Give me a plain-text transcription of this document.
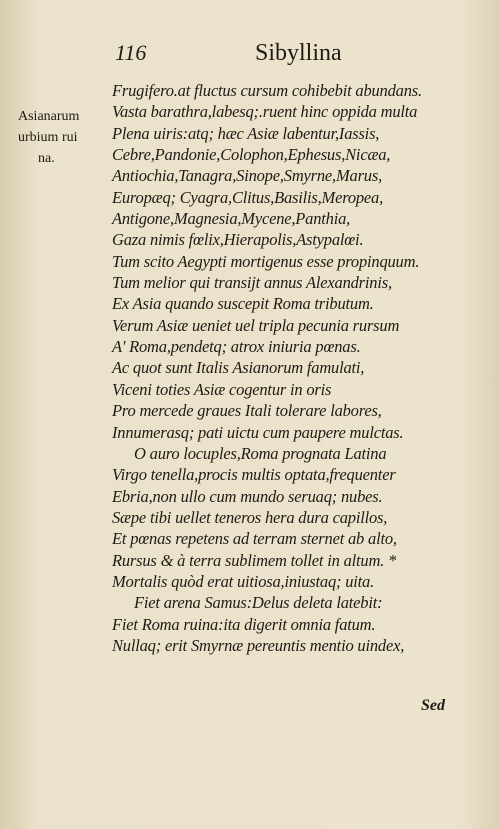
116	Sibyllina
Asianarum
urbium rui
na.
Frugifero.at fluctus cursum cohibebit abundans.
Vasta barathra,labesq;.ruent hinc oppida multa
Plena uiris:atq; hæc Asiæ labentur,Iassis,
Cebre,Pandonie,Colophon,Ephesus,Nicæa,
Antiochia,Tanagra,Sinope,Smyrne,Marus,
Europæq; Cyagra,Clitus,Basilis,Meropea,
Antigone,Magnesia,Mycene,Panthia,
Gaza nimis fœlix,Hierapolis,Astypalœi.
Tum scito Aegypti mortigenus esse propinquum.
Tum melior qui transijt annus Alexandrinis,
Ex Asia quando suscepit Roma tributum.
Verum Asiæ ueniet uel tripla pecunia rursum
A' Roma,pendetq; atrox iniuria pœnas.
Ac quot sunt Italis Asianorum famulati,
Viceni toties Asiæ cogentur in oris
Pro mercede graues Itali tolerare labores,
Innumerasq; pati uictu cum paupere mulctas.
O auro locuples,Roma prognata Latina
Virgo tenella,procis multis optata,frequenter
Ebria,non ullo cum mundo seruaq; nubes.
Sæpe tibi uellet teneros hera dura capillos,
Et pœnas repetens ad terram sternet ab alto,
Rursus & à terra sublimem tollet in altum. *
Mortalis quòd erat uitiosa,iniustaq; uita.
Fiet arena Samus:Delus deleta latebit:
Fiet Roma ruina:ita digerit omnia fatum.
Nullaq; erit Smyrnæ pereuntis mentio uindex,
Sed
